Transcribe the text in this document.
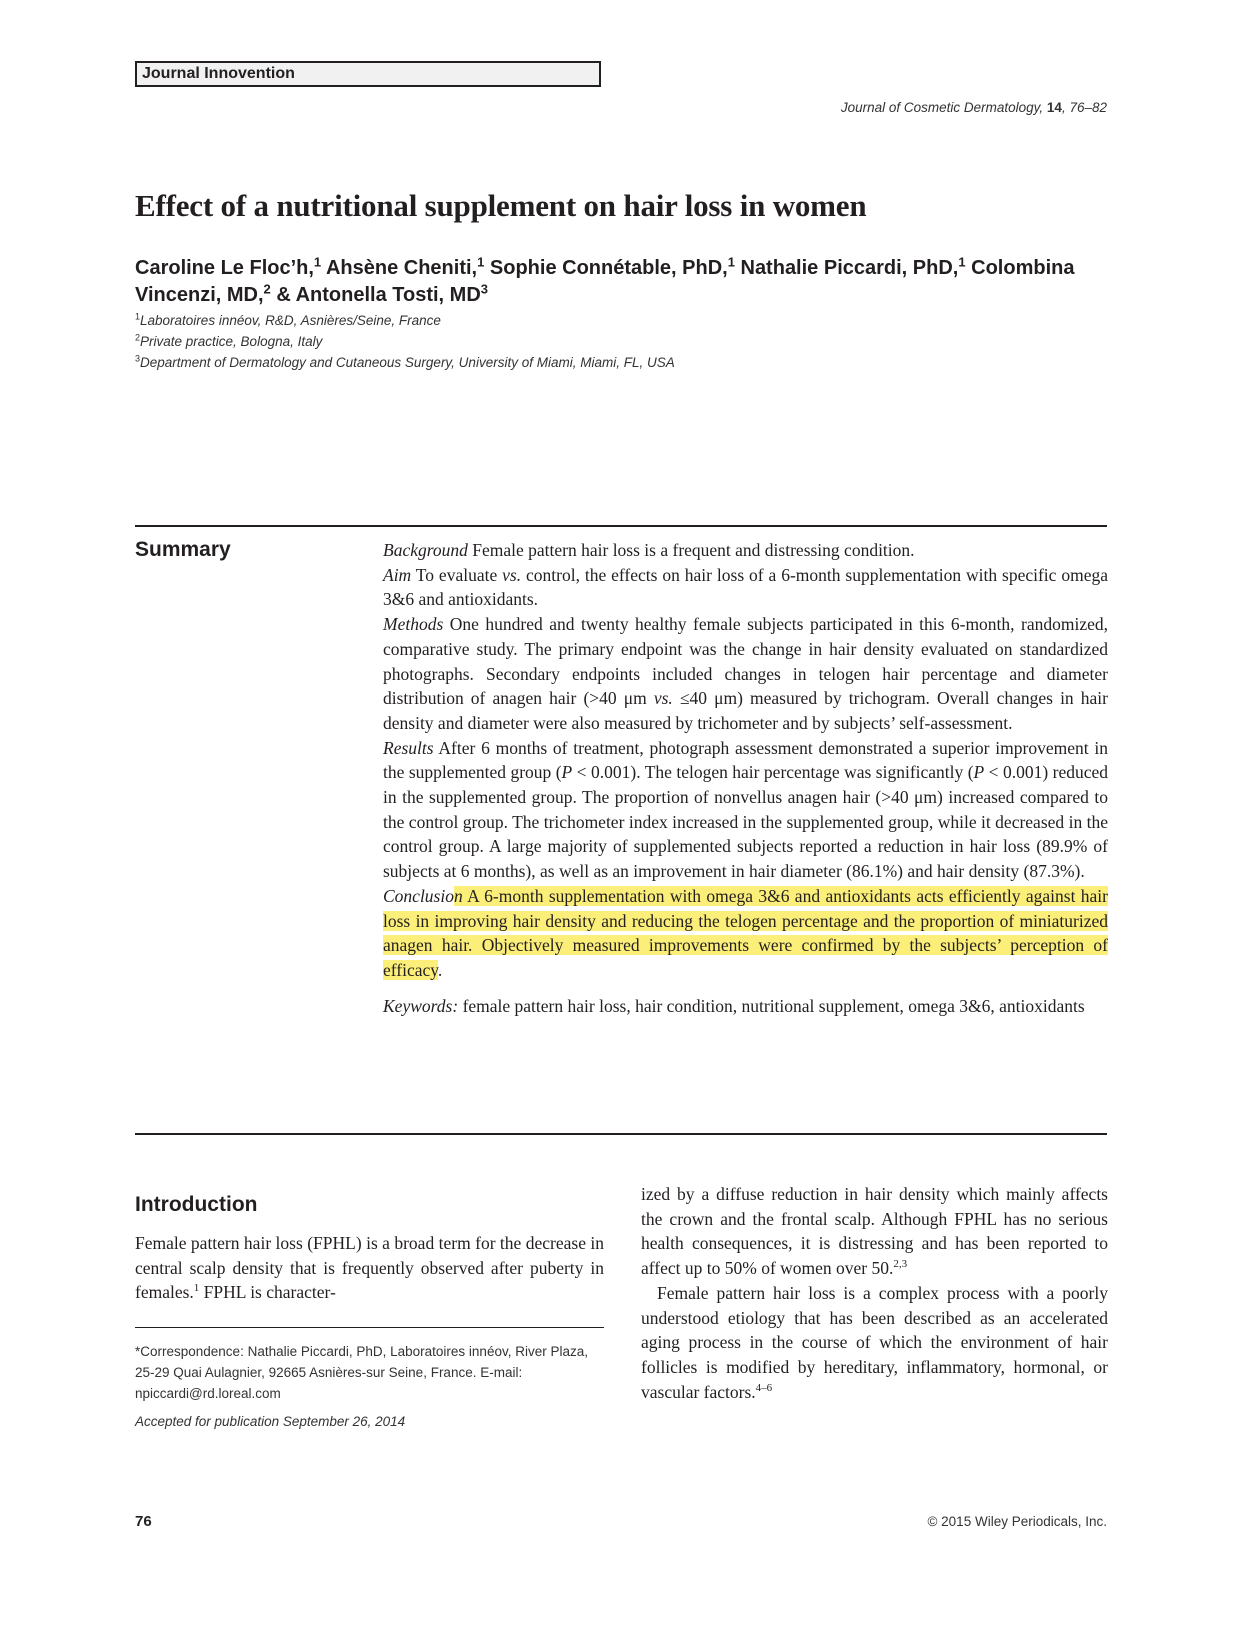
Journal Innovention
Journal of Cosmetic Dermatology, 14, 76–82
Effect of a nutritional supplement on hair loss in women
Caroline Le Floc’h,$^1$ Ahsène Cheniti,$^1$ Sophie Connétable, PhD,$^1$ Nathalie Piccardi, PhD,$^1$ Colombina Vincenzi, MD,$^2$ & Antonella Tosti, $MD^3$
$^1$Laboratoires innéov, R&D, Asnières/Seine, France
$^2$Private practice, Bologna, Italy
$^3$Department of Dermatology and Cutaneous Surgery, University of Miami, Miami, FL, USA
Summary	Background Female pattern hair loss is a frequent and distressing condition.

Aim To evaluate vs. control, the effects on hair loss of a 6-month supplementation with specific omega 3&6 and antioxidants.

Methods One hundred and twenty healthy female subjects participated in this 6-month, randomized, comparative study. The primary endpoint was the change in hair density evaluated on standardized photographs. Secondary endpoints included changes in telogen hair percentage and diameter distribution of anagen hair (>40 μm vs. ≤40 μm) measured by trichogram. Overall changes in hair density and diameter were also measured by trichometer and by subjects’ self-assessment.

Results After 6 months of treatment, photograph assessment demonstrated a superior improvement in the supplemented group (P < 0.001). The telogen hair percentage was significantly (P < 0.001) reduced in the supplemented group. The proportion of nonvellus anagen hair (>40 μm) increased compared to the control group. The trichometer index increased in the supplemented group, while it decreased in the control group. A large majority of supplemented subjects reported a reduction in hair loss (89.9% of subjects at 6 months), as well as an improvement in hair diameter (86.1%) and hair density (87.3%).

Conclusion A 6-month supplementation with omega 3&6 and antioxidants acts efficiently against hair loss in improving hair density and reducing the telogen percentage and the proportion of miniaturized anagen hair. Objectively measured improvements were confirmed by the subjects’ perception of efficacy.

Keywords: female pattern hair loss, hair condition, nutritional supplement, omega 3&6, antioxidants

Introduction

Female pattern hair loss (FPHL) is a broad term for the decrease in central scalp density that is frequently observed after puberty in females.$^1$ FPHL is character-

*Correspondence: Nathalie Piccardi, PhD, Laboratoires innéov, River Plaza, 25-29 Quai Aulagnier, 92665 Asnières-sur Seine, France. E-mail: npiccardi@rd.loreal.com
Accepted for publication September 26, 2014

ized by a diffuse reduction in hair density which mainly affects the crown and the frontal scalp. Although FPHL has no serious health consequences, it is distressing and has been reported to affect up to 50% of women over 50.$^{2,3}$

Female pattern hair loss is a complex process with a poorly understood etiology that has been described as an accelerated aging process in the course of which the environment of hair follicles is modified by hereditary, inflammatory, hormonal, or vascular factors.$^{4-6}$

76	© 2015 Wiley Periodicals, Inc.
